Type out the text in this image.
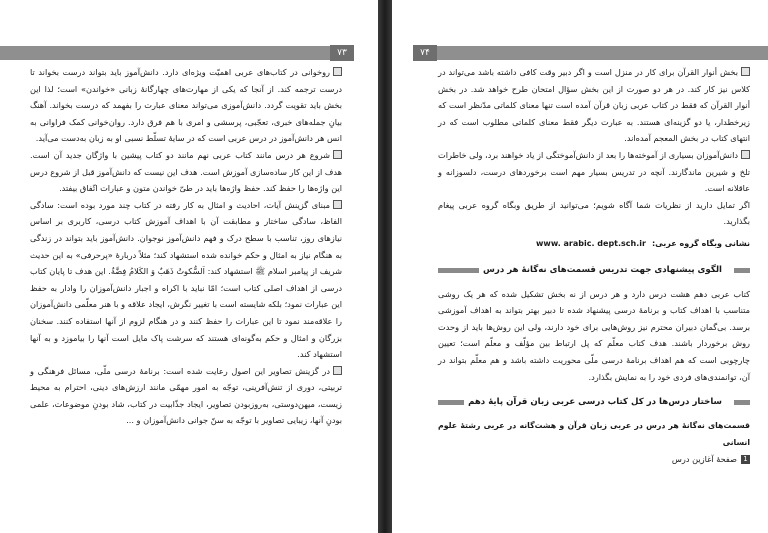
۷۳

روخوانی در کتاب‌های عربی اهمیّت ویژه‌ای دارد. دانش‌آموز باید بتواند درست بخواند تا درست ترجمه کند. از آنجا که یکی از مهارت‌های چهارگانهٔ زبانی «خواندن» است؛ لذا این بخش باید تقویت گردد. دانش‌آموزی می‌تواند معنای عبارت را بفهمد که درست بخواند. آهنگ بیانِ جمله‌های خبری، تعجّبی، پرسشی و امری با هم فرق دارد. روان‌خوانی کمک فراوانی به انس هر دانش‌آموز در درس عربی است که در سایهٔ تسلّط نسبی او به زبان به‌دست می‌آید.

شروع هر درس مانند کتاب عربی نهم مانند دو کتاب پیشین با واژگان جدید آن است. هدف از این کار ساده‌سازی آموزش است. هدف این نیست که دانش‌آموز قبل از شروع درس این واژه‌ها را حفظ کند. حفظ واژه‌ها باید در طیّ خواندن متون و عبارات اتّفاق بیفتد.

مبنای گزینش آیات، احادیث و امثال به کار رفته در کتاب چند مورد بوده است: سادگی الفاظ، سادگی ساختار و مطابقت آن با اهداف آموزش کتاب درسی، کاربری بر اساس نیازهای روز، تناسب با سطح درک و فهم دانش‌آموز نوجوان. دانش‌آموز باید بتواند در زندگی به هنگام نیاز به امثال و حکم خوانده شده استشهاد کند؛ مثلاً دربارهٔ «پرحرفی» به این حدیث شریف از پیامبر اسلام ﷺ استشهاد کند: اَلسُّکوتُ ذَهَبٌ وَ الکَلامُ فِضَّةٌ. این هدف تا پایان کتاب درسی از اهداف اصلی کتاب است؛ امّا نباید با اکراه و اجبار دانش‌آموزان را وادار به حفظ این عبارات نمود؛ بلکه شایسته است با تغییر نگرش، ایجاد علاقه و با هنر معلّمی دانش‌آموزان را علاقه‌مند نمود تا این عبارات را حفظ کنند و در هنگام لزوم از آنها استفاده کنند. سخنان بزرگان و امثال و حکم به‌گونه‌ای هستند که سرشت پاک مایل است آنها را بیاموزد و به آنها استشهاد کند.

در گزینش تصاویر این اصول رعایت شده است: برنامهٔ درسی ملّی، مسائل فرهنگی و تربیتی، دوری از تنش‌آفرینی، توجّه به امور مهمّی مانند ارزش‌های دینی، احترام به محیط زیست، میهن‌دوستی، به‌روزبودن تصاویر، ایجاد جذّابیت در کتاب، شاد بودنِ موضوعات، علمی بودنِ آنها، زیبایی تصاویر با توجّه به سنّ جوانی دانش‌آموزان و ...

۷۴

بخش أنوار القرآن برای کار در منزل است و اگر دبیر وقت کافی داشته باشد می‌تواند در کلاس نیز کار کند. در هر دو صورت از این بخش سؤال امتحان طرح خواهد شد. در بخش أنوار القرآن که فقط در کتاب عربی زبان قرآن آمده است تنها معنای کلماتی مدّنظر است که زیرخطدار، یا دو گزینه‌ای هستند. به عبارت دیگر فقط معنای کلماتی مطلوب است که در انتهای کتاب در بخش المعجم آمده‌اند.

دانش‌آموزان بسیاری از آموخته‌ها را بعد از دانش‌آموختگی از یاد خواهند برد، ولی خاطرات تلخ و شیرین ماندگارند. آنچه در تدریس بسیار مهم است برخوردهای درست، دلسوزانه و عاقلانه است.

اگر تمایل دارید از نظریات شما آگاه شویم؛ می‌توانید از طریق وبگاه گروه عربی پیغام بگذارید.

نشانی وبگاه گروه عربی:www. arabic. dept.sch.ir

الگوی پیشنهادی جهت تدریس قسمت‌های نه‌گانهٔ هر درس

کتاب عربی دهم هشت درس دارد و هر درس از نه بخش تشکیل شده که هر یک روشی متناسب با اهداف کتاب و برنامهٔ درسی پیشنهاد شده تا دبیر بهتر بتواند به اهداف آموزشی برسد. بی‌گمان دبیران محترم نیز روش‌هایی برای خود دارند، ولی این روش‌ها باید از وحدت روش برخوردار باشند. هدف کتاب معلّم که پل ارتباط بین مؤلّف و معلّم است؛ تعیین چارچوبی است که هم اهداف برنامهٔ درسی ملّی محوریت داشته باشد و هم معلّم بتواند در آن، توانمندی‌های فردی خود را به نمایش بگذارد.

ساختار درس‌ها در کل کتاب درسی عربی زبان قرآن پایهٔ دهم

قسمت‌های نه‌گانهٔ هر درس در عربی زبان قرآن و هشت‌گانه در عربی رشتهٔ علوم انسانی

1صفحهٔ آغازین درس
